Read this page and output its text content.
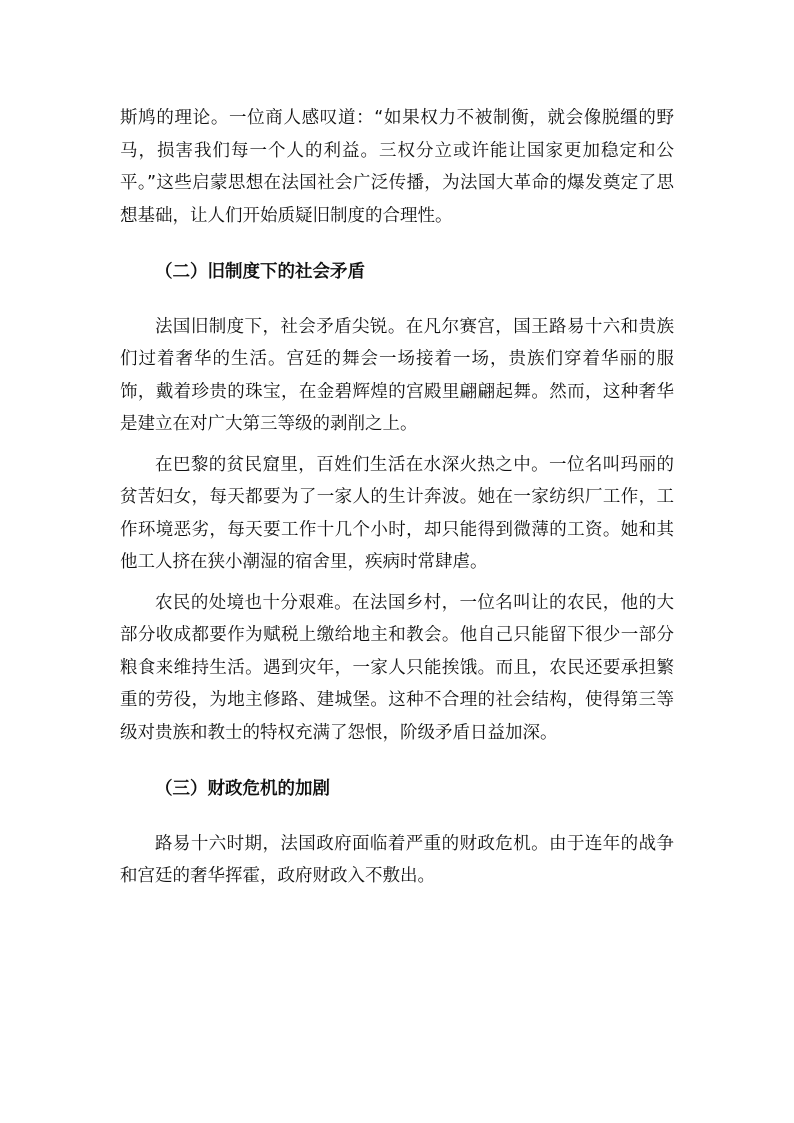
斯鸠的理论。一位商人感叹道：“如果权力不被制衡，就会像脱缰的野马，损害我们每一个人的利益。三权分立或许能让国家更加稳定和公平。”这些启蒙思想在法国社会广泛传播，为法国大革命的爆发奠定了思想基础，让人们开始质疑旧制度的合理性。

（二）旧制度下的社会矛盾

法国旧制度下，社会矛盾尖锐。在凡尔赛宫，国王路易十六和贵族们过着奢华的生活。宫廷的舞会一场接着一场，贵族们穿着华丽的服饰，戴着珍贵的珠宝，在金碧辉煌的宫殿里翩翩起舞。然而，这种奢华是建立在对广大第三等级的剥削之上。

在巴黎的贫民窟里，百姓们生活在水深火热之中。一位名叫玛丽的贫苦妇女，每天都要为了一家人的生计奔波。她在一家纺织厂工作，工作环境恶劣，每天要工作十几个小时，却只能得到微薄的工资。她和其他工人挤在狭小潮湿的宿舍里，疾病时常肆虐。

农民的处境也十分艰难。在法国乡村，一位名叫让的农民，他的大部分收成都要作为赋税上缴给地主和教会。他自己只能留下很少一部分粮食来维持生活。遇到灾年，一家人只能挨饿。而且，农民还要承担繁重的劳役，为地主修路、建城堡。这种不合理的社会结构，使得第三等级对贵族和教士的特权充满了怨恨，阶级矛盾日益加深。

（三）财政危机的加剧

路易十六时期，法国政府面临着严重的财政危机。由于连年的战争和宫廷的奢华挥霍，政府财政入不敷出。
